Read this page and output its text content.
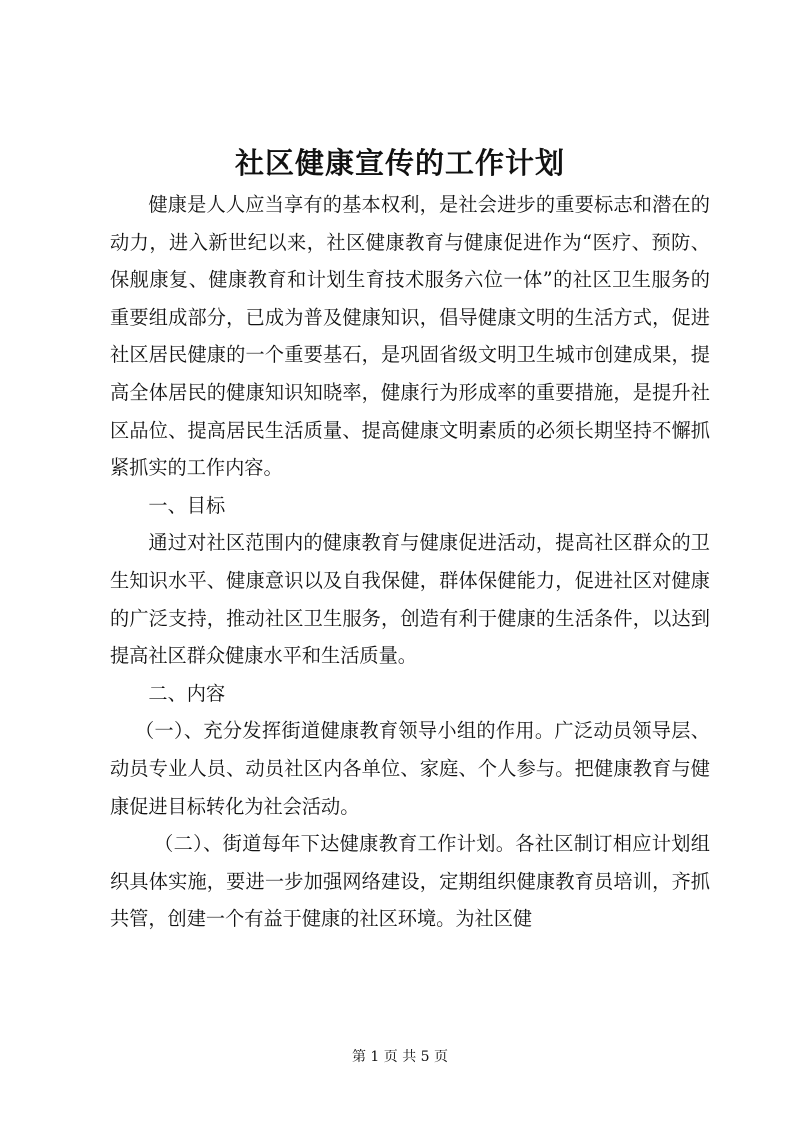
社区健康宣传的工作计划

健康是人人应当享有的基本权利，是社会进步的重要标志和潜在的动力，进入新世纪以来，社区健康教育与健康促进作为“医疗、预防、保舰康复、健康教育和计划生育技术服务六位一体”的社区卫生服务的重要组成部分，已成为普及健康知识，倡导健康文明的生活方式，促进社区居民健康的一个重要基石，是巩固省级文明卫生城市创建成果，提高全体居民的健康知识知晓率，健康行为形成率的重要措施，是提升社区品位、提高居民生活质量、提高健康文明素质的必须长期坚持不懈抓紧抓实的工作内容。

一、目标

通过对社区范围内的健康教育与健康促进活动，提高社区群众的卫生知识水平、健康意识以及自我保健，群体保健能力，促进社区对健康的广泛支持，推动社区卫生服务，创造有利于健康的生活条件，以达到提高社区群众健康水平和生活质量。

二、内容

（一）、充分发挥街道健康教育领导小组的作用。广泛动员领导层、动员专业人员、动员社区内各单位、家庭、个人参与。把健康教育与健康促进目标转化为社会活动。

（二）、街道每年下达健康教育工作计划。各社区制订相应计划组织具体实施，要进一步加强网络建设，定期组织健康教育员培训，齐抓共管，创建一个有益于健康的社区环境。为社区健

第 1 页 共 5 页
